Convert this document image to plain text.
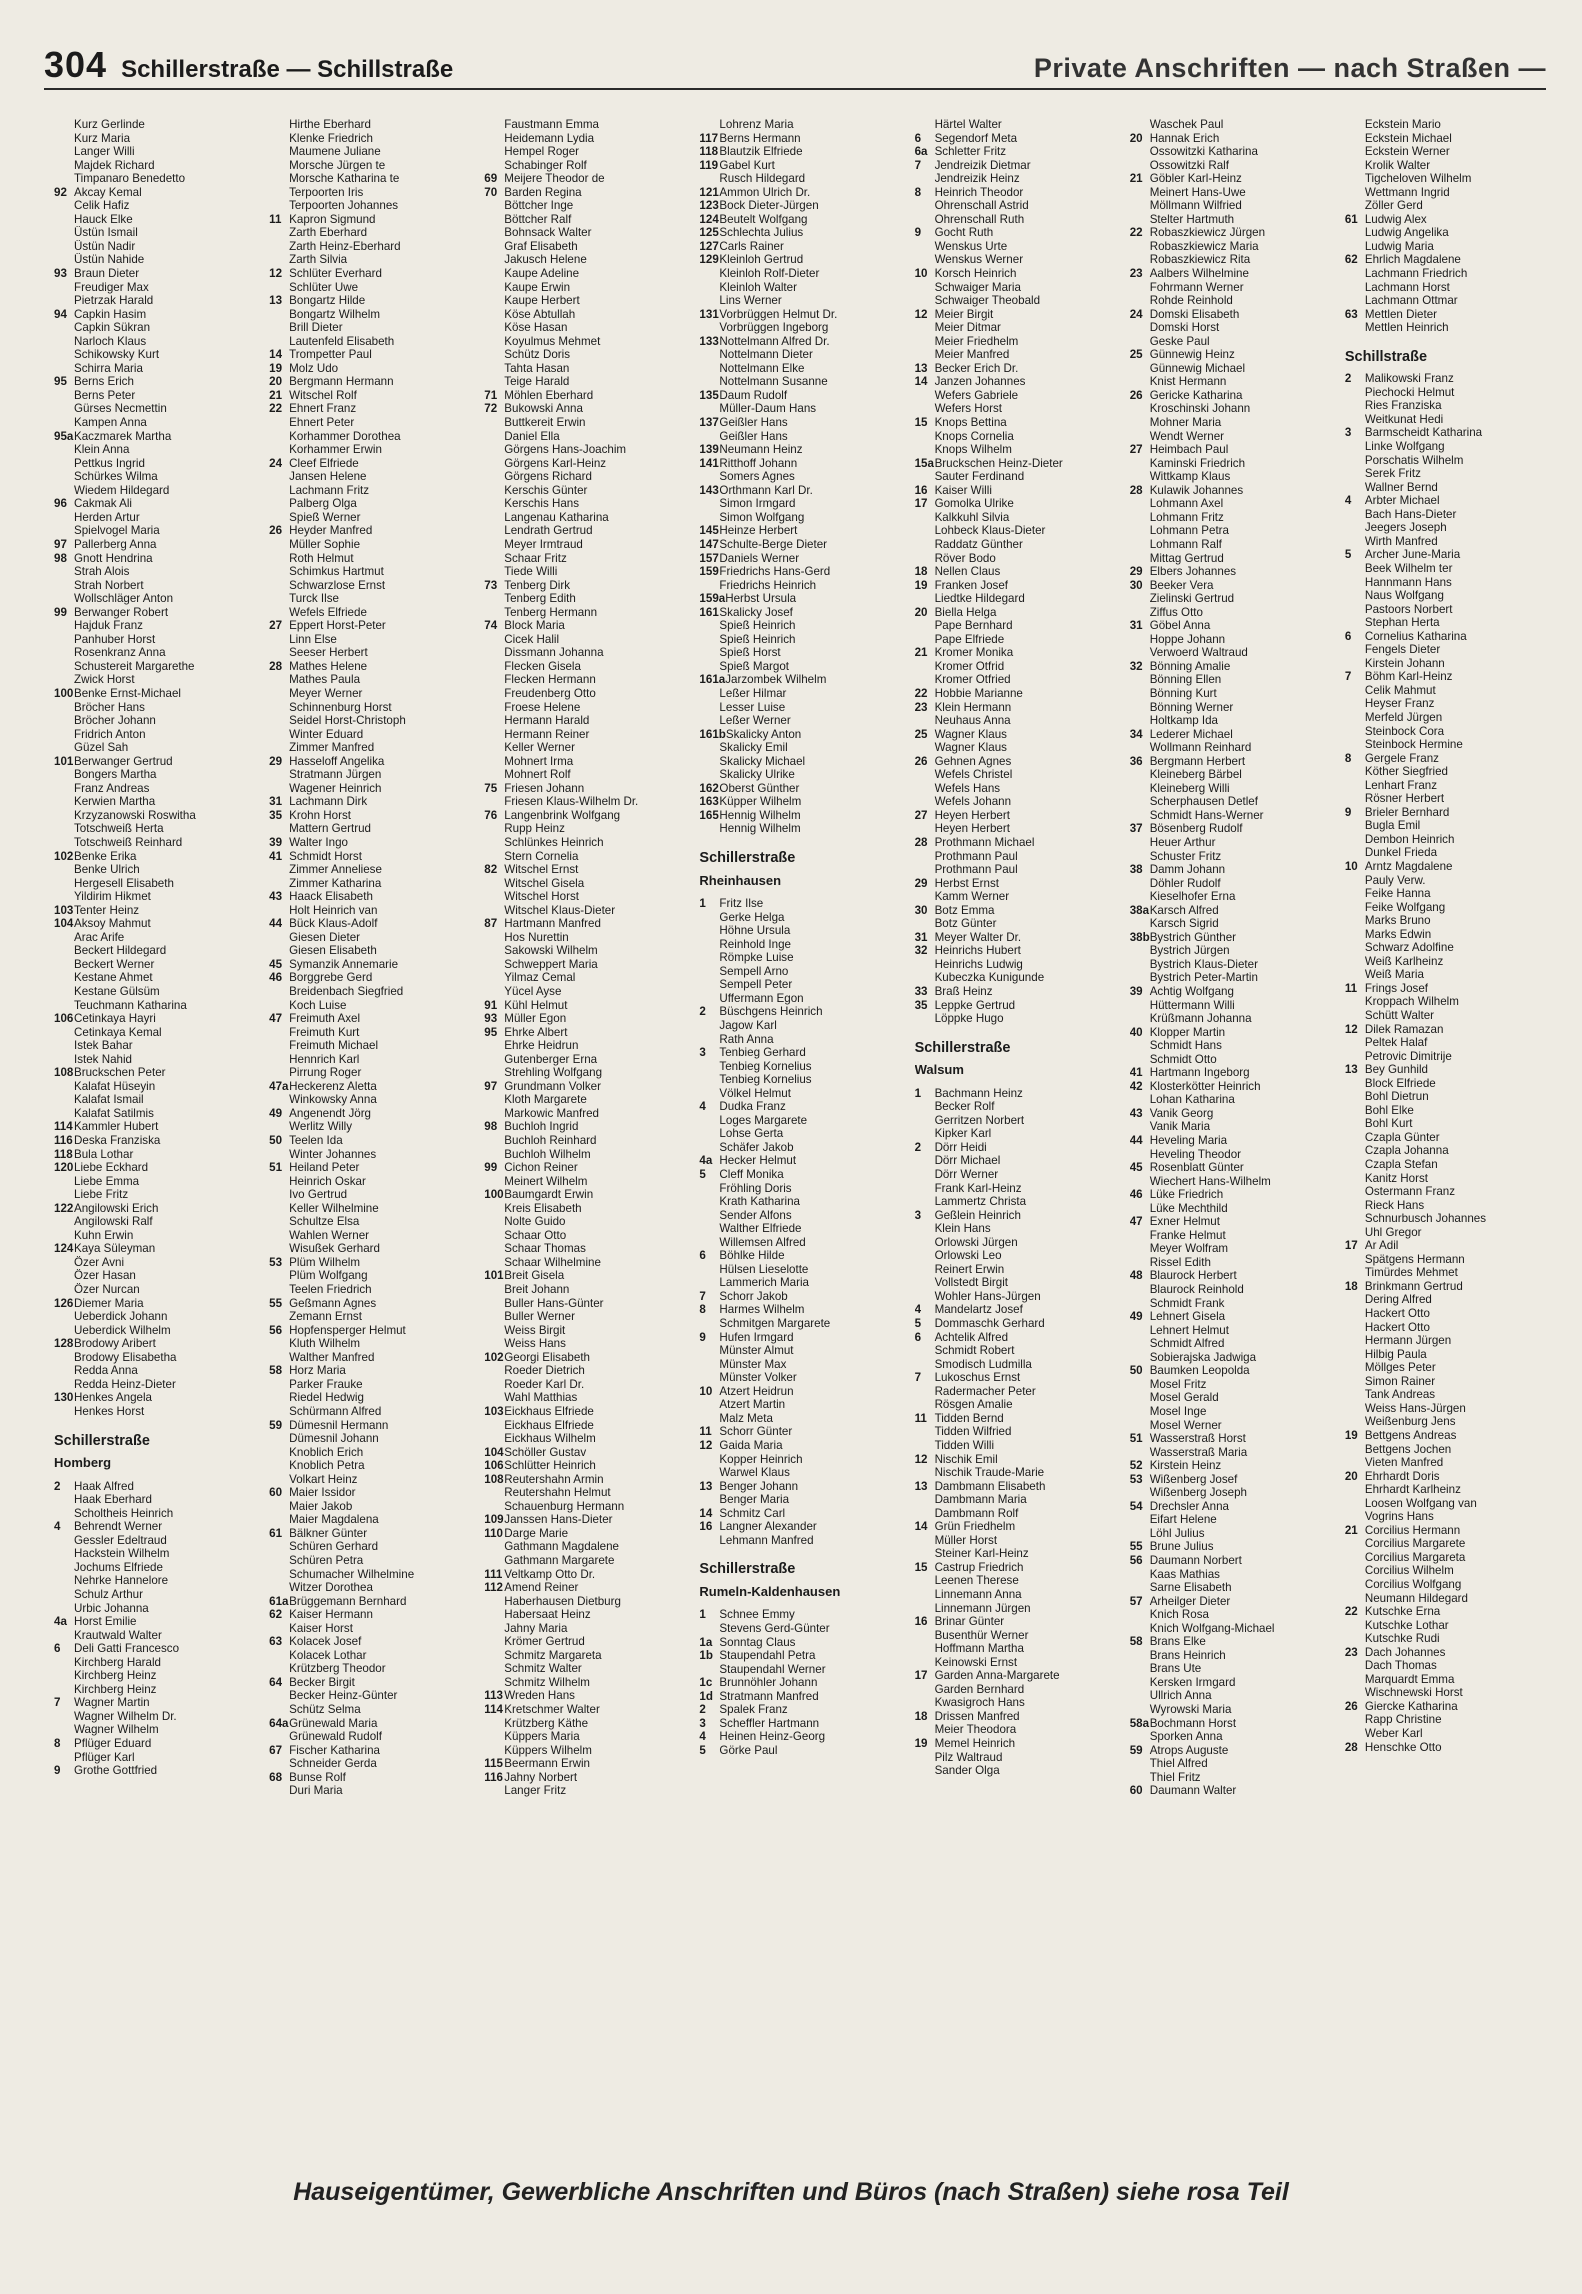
304 Schillerstraße — Schillstraße	Private Anschriften — nach Straßen —
Kurz Gerlinde
Kurz Maria
Langer Willi
Majdek Richard
Timpanaro Benedetto
92 Akcay Kemal
Celik Hafiz
Hauck Elke
Üstün Ismail
Üstün Nadir
Üstün Nahide
93 Braun Dieter
Freudiger Max
Pietrzak Harald
94 Capkin Hasim
Capkin Sükran
Narloch Klaus
Schikowsky Kurt
Schirra Maria
95 Berns Erich
Berns Peter
Gürses Necmettin
Kampen Anna
95aKaczmarek Martha
Klein Anna
Pettkus Ingrid
Schürkes Wilma
Wiedem Hildegard
96 Cakmak Ali
Herden Artur
Spielvogel Maria
97 Pallerberg Anna
98 Gnott Hendrina
Strah Alois
Strah Norbert
Wollschläger Anton
99 Berwanger Robert
Hajduk Franz
Panhuber Horst
Rosenkranz Anna
Schustereit Margarethe
Zwick Horst
100Benke Ernst-Michael
Bröcher Hans
Bröcher Johann
Fridrich Anton
Güzel Sah
101Berwanger Gertrud
Bongers Martha
Franz Andreas
Kerwien Martha
Krzyzanowski Roswitha
Totschweiß Herta
Totschweiß Reinhard
102Benke Erika
Benke Ulrich
Hergesell Elisabeth
Yildirim Hikmet
103Tenter Heinz
104Aksoy Mahmut
Arac Arife
Beckert Hildegard
Beckert Werner
Kestane Ahmet
Kestane Gülsüm
Teuchmann Katharina
106Cetinkaya Hayri
Cetinkaya Kemal
Istek Bahar
Istek Nahid
108Bruckschen Peter
Kalafat Hüseyin
Kalafat Ismail
Kalafat Satilmis
114Kammler Hubert
116Deska Franziska
118Bula Lothar
120Liebe Eckhard
Liebe Emma
Liebe Fritz
122Angilowski Erich
Angilowski Ralf
Kuhn Erwin
124Kaya Süleyman
Özer Avni
Özer Hasan
Özer Nurcan
126Diemer Maria
Ueberdick Johann
Ueberdick Wilhelm
128Brodowy Aribert
Brodowy Elisabetha
Redda Anna
Redda Heinz-Dieter
130Henkes Angela
Henkes Horst
Schillerstraße
Homberg
2 Haak Alfred
Haak Eberhard
Scholtheis Heinrich
4 Behrendt Werner
Gessler Edeltraud
Hackstein Wilhelm
Jochums Elfriede
Nehrke Hannelore
Schulz Arthur
Urbic Johanna
4a Horst Emilie
Krautwald Walter
6 Deli Gatti Francesco
Kirchberg Harald
Kirchberg Heinz
Kirchberg Heinz
7 Wagner Martin
Wagner Wilhelm Dr.
Wagner Wilhelm
8 Pflüger Eduard
Pflüger Karl
9 Grothe Gottfried
Hirthe Eberhard
Klenke Friedrich
Maumene Juliane
Morsche Jürgen te
Morsche Katharina te
Terpoorten Iris
Terpoorten Johannes
11 Kapron Sigmund
Zarth Eberhard
Zarth Heinz-Eberhard
Zarth Silvia
12 Schlüter Everhard
Schlüter Uwe
13 Bongartz Hilde
Bongartz Wilhelm
Brill Dieter
Lautenfeld Elisabeth
14 Trompetter Paul
19 Molz Udo
20 Bergmann Hermann
21 Witschel Rolf
22 Ehnert Franz
Ehnert Peter
Korhammer Dorothea
Korhammer Erwin
24 Cleef Elfriede
Jansen Helene
Lachmann Fritz
Palberg Olga
Spieß Werner
26 Heyder Manfred
Müller Sophie
Roth Helmut
Schimkus Hartmut
Schwarzlose Ernst
Turck Ilse
Wefels Elfriede
27 Eppert Horst-Peter
Linn Else
Seeser Herbert
28 Mathes Helene
Mathes Paula
Meyer Werner
Schinnenburg Horst
Seidel Horst-Christoph
Winter Eduard
Zimmer Manfred
29 Hasseloff Angelika
Stratmann Jürgen
Wagener Heinrich
31 Lachmann Dirk
35 Krohn Horst
Mattern Gertrud
39 Walter Ingo
41 Schmidt Horst
Zimmer Anneliese
Zimmer Katharina
43 Haack Elisabeth
Holt Heinrich van
44 Bück Klaus-Adolf
Giesen Dieter
Giesen Elisabeth
45 Symanzik Annemarie
46 Borggrebe Gerd
Breidenbach Siegfried
Koch Luise
47 Freimuth Axel
Freimuth Kurt
Freimuth Michael
Hennrich Karl
Pirrung Roger
47aHeckerenz Aletta
Winkowsky Anna
49 Angenendt Jörg
Werlitz Willy
50 Teelen Ida
Winter Johannes
51 Heiland Peter
Heinrich Oskar
Ivo Gertrud
Keller Wilhelmine
Schultze Elsa
Wahlen Werner
Wisußek Gerhard
53 Plüm Wilhelm
Plüm Wolfgang
Teelen Friedrich
55 Geßmann Agnes
Zemann Ernst
56 Hopfensperger Helmut
Kluth Wilhelm
Walther Manfred
58 Horz Maria
Parker Frauke
Riedel Hedwig
Schürmann Alfred
59 Dümesnil Hermann
Dümesnil Johann
Knoblich Erich
Knoblich Petra
Volkart Heinz
60 Maier Issidor
Maier Jakob
Maier Magdalena
61 Bälkner Günter
Schüren Gerhard
Schüren Petra
Schumacher Wilhelmine
Witzer Dorothea
61aBrüggemann Bernhard
62 Kaiser Hermann
Kaiser Horst
63 Kolacek Josef
Kolacek Lothar
Krützberg Theodor
64 Becker Birgit
Becker Heinz-Günter
Schütz Selma
64aGrünewald Maria
Grünewald Rudolf
67 Fischer Katharina
Schneider Gerda
68 Bunse Rolf
Duri Maria
Faustmann Emma
Heidemann Lydia
Hempel Roger
Schabinger Rolf
69 Meijere Theodor de
70 Barden Regina
Böttcher Inge
Böttcher Ralf
Bohnsack Walter
Graf Elisabeth
Jakusch Helene
Kaupe Adeline
Kaupe Erwin
Kaupe Herbert
Köse Abtullah
Köse Hasan
Koyulmus Mehmet
Schütz Doris
Tahta Hasan
Teige Harald
71 Möhlen Eberhard
72 Bukowski Anna
Buttkereit Erwin
Daniel Ella
Görgens Hans-Joachim
Görgens Karl-Heinz
Görgens Richard
Kerschis Günter
Kerschis Hans
Langenau Katharina
Lendrath Gertrud
Meyer Irmtraud
Schaar Fritz
Tiede Willi
73 Tenberg Dirk
Tenberg Edith
Tenberg Hermann
74 Block Maria
Cicek Halil
Dissmann Johanna
Flecken Gisela
Flecken Hermann
Freudenberg Otto
Froese Helene
Hermann Harald
Hermann Reiner
Keller Werner
Mohnert Irma
Mohnert Rolf
75 Friesen Johann
Friesen Klaus-Wilhelm Dr.
76 Langenbrink Wolfgang
Rupp Heinz
Schlünkes Heinrich
Stern Cornelia
82 Witschel Ernst
Witschel Gisela
Witschel Horst
Witschel Klaus-Dieter
87 Hartmann Manfred
Hos Nurettin
Sakowski Wilhelm
Schweppert Maria
Yilmaz Cemal
Yücel Ayse
91 Kühl Helmut
93 Müller Egon
95 Ehrke Albert
Ehrke Heidrun
Gutenberger Erna
Strehling Wolfgang
97 Grundmann Volker
Kloth Margarete
Markowic Manfred
98 Buchloh Ingrid
Buchloh Reinhard
Buchloh Wilhelm
99 Cichon Reiner
Meinert Wilhelm
100Baumgardt Erwin
Kreis Elisabeth
Nolte Guido
Schaar Otto
Schaar Thomas
Schaar Wilhelmine
101Breit Gisela
Breit Johann
Buller Hans-Günter
Buller Werner
Weiss Birgit
Weiss Hans
102Georgi Elisabeth
Roeder Dietrich
Roeder Karl Dr.
Wahl Matthias
103Eickhaus Elfriede
Eickhaus Elfriede
Eickhaus Wilhelm
104Schöller Gustav
106Schlütter Heinrich
108Reutershahn Armin
Reutershahn Helmut
Schauenburg Hermann
109Janssen Hans-Dieter
110Darge Marie
Gathmann Magdalene
Gathmann Margarete
111 Veltkamp Otto Dr.
112Amend Reiner
Haberhausen Dietburg
Habersaat Heinz
Jahny Maria
Krömer Gertrud
Schmitz Margareta
Schmitz Walter
Schmitz Wilhelm
113Wreden Hans
114Kretschmer Walter
Krützberg Käthe
Küppers Maria
Küppers Wilhelm
115Beermann Erwin
116Jahny Norbert
Langer Fritz
Lohrenz Maria
117Berns Hermann
118Blautzik Elfriede
119Gabel Kurt
Rusch Hildegard
121Ammon Ulrich Dr.
123Bock Dieter-Jürgen
124Beutelt Wolfgang
125Schlechta Julius
127Carls Rainer
129Kleinloh Gertrud
Kleinloh Rolf-Dieter
Kleinloh Walter
Lins Werner
131Vorbrüggen Helmut Dr.
Vorbrüggen Ingeborg
133Nottelmann Alfred Dr.
Nottelmann Dieter
Nottelmann Elke
Nottelmann Susanne
135Daum Rudolf
Müller-Daum Hans
137Geißler Hans
Geißler Hans
139Neumann Heinz
141Ritthoff Johann
Somers Agnes
143Orthmann Karl Dr.
Simon Irmgard
Simon Wolfgang
145Heinze Herbert
147Schulte-Berge Dieter
157Daniels Werner
159Friedrichs Hans-Gerd
Friedrichs Heinrich
159aHerbst Ursula
161Skalicky Josef
Spieß Heinrich
Spieß Heinrich
Spieß Horst
Spieß Margot
161aJarzombek Wilhelm
Leßer Hilmar
Lesser Luise
Leßer Werner
161bSkalicky Anton
Skalicky Emil
Skalicky Michael
Skalicky Ulrike
162Oberst Günther
163Küpper Wilhelm
165Hennig Wilhelm
Hennig Wilhelm
Schillerstraße
Rheinhausen
1 Fritz Ilse
Gerke Helga
Höhne Ursula
Reinhold Inge
Römpke Luise
Sempell Arno
Sempell Peter
Uffermann Egon
2 Büschgens Heinrich
Jagow Karl
Rath Anna
3 Tenbieg Gerhard
Tenbieg Kornelius
Tenbieg Kornelius
Völkel Helmut
4 Dudka Franz
Loges Margarete
Lohse Gerta
Schäfer Jakob
4a Hecker Helmut
5 Cleff Monika
Fröhling Doris
Krath Katharina
Sender Alfons
Walther Elfriede
Willemsen Alfred
6 Böhlke Hilde
Hülsen Lieselotte
Lammerich Maria
7 Schorr Jakob
8 Harmes Wilhelm
Schmitgen Margarete
9 Hufen Irmgard
Münster Almut
Münster Max
Münster Volker
10 Atzert Heidrun
Atzert Martin
Malz Meta
11 Schorr Günter
12 Gaida Maria
Kopper Heinrich
Warwel Klaus
13 Benger Johann
Benger Maria
14 Schmitz Carl
16 Langner Alexander
Lehmann Manfred
Schillerstraße
Rumeln-Kaldenhausen
1 Schnee Emmy
Stevens Gerd-Günter
1a Sonntag Claus
1b Staupendahl Petra
Staupendahl Werner
1c Brunnöhler Johann
1d Stratmann Manfred
2 Spalek Franz
3 Scheffler Hartmann
4 Heinen Heinz-Georg
5 Görke Paul
Härtel Walter
6 Segendorf Meta
6a Schletter Fritz
7 Jendreizik Dietmar
Jendreizik Heinz
8 Heinrich Theodor
Ohrenschall Astrid
Ohrenschall Ruth
9 Gocht Ruth
Wenskus Urte
Wenskus Werner
10 Korsch Heinrich
Schwaiger Maria
Schwaiger Theobald
12 Meier Birgit
Meier Ditmar
Meier Friedhelm
Meier Manfred
13 Becker Erich Dr.
14 Janzen Johannes
Wefers Gabriele
Wefers Horst
15 Knops Bettina
Knops Cornelia
Knops Wilhelm
15aBruckschen Heinz-Dieter
Sauter Ferdinand
16 Kaiser Willi
17 Gomolka Ulrike
Kalkkuhl Silvia
Lohbeck Klaus-Dieter
Raddatz Günther
Röver Bodo
18 Nellen Claus
19 Franken Josef
Liedtke Hildegard
20 Biella Helga
Pape Bernhard
Pape Elfriede
21 Kromer Monika
Kromer Otfrid
Kromer Otfried
22 Hobbie Marianne
23 Klein Hermann
Neuhaus Anna
25 Wagner Klaus
Wagner Klaus
26 Gehnen Agnes
Wefels Christel
Wefels Hans
Wefels Johann
27 Heyen Herbert
Heyen Herbert
28 Prothmann Michael
Prothmann Paul
Prothmann Paul
29 Herbst Ernst
Kamm Werner
30 Botz Emma
Botz Günter
31 Meyer Walter Dr.
32 Heinrichs Hubert
Heinrichs Ludwig
Kubeczka Kunigunde
33 Braß Heinz
35 Leppke Gertrud
Löppke Hugo
Schillerstraße
Walsum
1 Bachmann Heinz
Becker Rolf
Gerritzen Norbert
Kipker Karl
2 Dörr Heidi
Dörr Michael
Dörr Werner
Frank Karl-Heinz
Lammertz Christa
3 Geßlein Heinrich
Klein Hans
Orlowski Jürgen
Orlowski Leo
Reinert Erwin
Vollstedt Birgit
Wohler Hans-Jürgen
4 Mandelartz Josef
5 Dommaschk Gerhard
6 Achtelik Alfred
Schmidt Robert
Smodisch Ludmilla
7 Lukoschus Ernst
Radermacher Peter
Rösgen Amalie
11 Tidden Bernd
Tidden Wilfried
Tidden Willi
12 Nischik Emil
Nischik Traude-Marie
13 Dambmann Elisabeth
Dambmann Maria
Dambmann Rolf
14 Grün Friedhelm
Müller Horst
Steiner Karl-Heinz
15 Castrup Friedrich
Leenen Therese
Linnemann Anna
Linnemann Jürgen
16 Brinar Günter
Busenthür Werner
Hoffmann Martha
Keinowski Ernst
17 Garden Anna-Margarete
Garden Bernhard
Kwasigroch Hans
18 Drissen Manfred
Meier Theodora
19 Memel Heinrich
Pilz Waltraud
Sander Olga
Waschek Paul
20 Hannak Erich
Ossowitzki Katharina
Ossowitzki Ralf
21 Göbler Karl-Heinz
Meinert Hans-Uwe
Möllmann Wilfried
Stelter Hartmuth
22 Robaszkiewicz Jürgen
Robaszkiewicz Maria
Robaszkiewicz Rita
23 Aalbers Wilhelmine
Fohrmann Werner
Rohde Reinhold
24 Domski Elisabeth
Domski Horst
Geske Paul
25 Günnewig Heinz
Günnewig Michael
Knist Hermann
26 Gericke Katharina
Kroschinski Johann
Mohner Maria
Wendt Werner
27 Heimbach Paul
Kaminski Friedrich
Wittkamp Klaus
28 Kulawik Johannes
Lohmann Axel
Lohmann Fritz
Lohmann Petra
Lohmann Ralf
Mittag Gertrud
29 Elbers Johannes
30 Beeker Vera
Zielinski Gertrud
Ziffus Otto
31 Göbel Anna
Hoppe Johann
Verwoerd Waltraud
32 Bönning Amalie
Bönning Ellen
Bönning Kurt
Bönning Werner
Holtkamp Ida
34 Lederer Michael
Wollmann Reinhard
36 Bergmann Herbert
Kleineberg Bärbel
Kleineberg Willi
Scherphausen Detlef
Schmidt Hans-Werner
37 Bösenberg Rudolf
Heuer Arthur
Schuster Fritz
38 Damm Johann
Döhler Rudolf
Kieselhofer Erna
38aKarsch Alfred
Karsch Sigrid
38bBystrich Günther
Bystrich Jürgen
Bystrich Klaus-Dieter
Bystrich Peter-Martin
39 Achtig Wolfgang
Hüttermann Willi
Krüßmann Johanna
40 Klopper Martin
Schmidt Hans
Schmidt Otto
41 Hartmann Ingeborg
42 Klosterkötter Heinrich
Lohan Katharina
43 Vanik Georg
Vanik Maria
44 Heveling Maria
Heveling Theodor
45 Rosenblatt Günter
Wiechert Hans-Wilhelm
46 Lüke Friedrich
Lüke Mechthild
47 Exner Helmut
Franke Helmut
Meyer Wolfram
Rissel Edith
48 Blaurock Herbert
Blaurock Reinhold
Schmidt Frank
49 Lehnert Gisela
Lehnert Helmut
Schmidt Alfred
Sobierajska Jadwiga
50 Baumken Leopolda
Mosel Fritz
Mosel Gerald
Mosel Inge
Mosel Werner
51 Wasserstraß Horst
Wasserstraß Maria
52 Kirstein Heinz
53 Wißenberg Josef
Wißenberg Joseph
54 Drechsler Anna
Eifart Helene
Löhl Julius
55 Brune Julius
56 Daumann Norbert
Kaas Mathias
Sarne Elisabeth
57 Arheilger Dieter
Knich Rosa
Knich Wolfgang-Michael
58 Brans Elke
Brans Heinrich
Brans Ute
Kersken Irmgard
Ullrich Anna
Wyrowski Maria
58aBochmann Horst
Sporken Anna
59 Atrops Auguste
Thiel Alfred
Thiel Fritz
60 Daumann Walter
Eckstein Mario
Eckstein Michael
Eckstein Werner
Krolik Walter
Tigcheloven Wilhelm
Wettmann Ingrid
Zöller Gerd
61 Ludwig Alex
Ludwig Angelika
Ludwig Maria
62 Ehrlich Magdalene
Lachmann Friedrich
Lachmann Horst
Lachmann Ottmar
63 Mettlen Dieter
Mettlen Heinrich
Schillstraße
2 Malikowski Franz
Piechocki Helmut
Ries Franziska
Weitkunat Hedi
3 Barmscheidt Katharina
Linke Wolfgang
Porschatis Wilhelm
Serek Fritz
Wallner Bernd
4 Arbter Michael
Bach Hans-Dieter
Jeegers Joseph
Wirth Manfred
5 Archer June-Maria
Beek Wilhelm ter
Hannmann Hans
Naus Wolfgang
Pastoors Norbert
Stephan Herta
6 Cornelius Katharina
Fengels Dieter
Kirstein Johann
7 Böhm Karl-Heinz
Celik Mahmut
Heyser Franz
Merfeld Jürgen
Steinbock Cora
Steinbock Hermine
8 Gergele Franz
Köther Siegfried
Lenhart Franz
Rösner Herbert
9 Brieler Bernhard
Bugla Emil
Dembon Heinrich
Dunkel Frieda
10 Arntz Magdalene
Pauly Verw.
Feike Hanna
Feike Wolfgang
Marks Bruno
Marks Edwin
Schwarz Adolfine
Weiß Karlheinz
Weiß Maria
11 Frings Josef
Kroppach Wilhelm
Schütt Walter
12 Dilek Ramazan
Peltek Halaf
Petrovic Dimitrije
13 Bey Gunhild
Block Elfriede
Bohl Dietrun
Bohl Elke
Bohl Kurt
Czapla Günter
Czapla Johanna
Czapla Stefan
Kanitz Horst
Ostermann Franz
Rieck Hans
Schnurbusch Johannes
Uhl Gregor
17 Ar Adil
Spätgens Hermann
Timürdes Mehmet
18 Brinkmann Gertrud
Dering Alfred
Hackert Otto
Hackert Otto
Hermann Jürgen
Hilbig Paula
Möllges Peter
Simon Rainer
Tank Andreas
Weiss Hans-Jürgen
Weißenburg Jens
19 Bettgens Andreas
Bettgens Jochen
Vieten Manfred
20 Ehrhardt Doris
Ehrhardt Karlheinz
Loosen Wolfgang van
Vogrins Hans
21 Corcilius Hermann
Corcilius Margarete
Corcilius Margareta
Corcilius Wilhelm
Corcilius Wolfgang
Neumann Hildegard
22 Kutschke Erna
Kutschke Lothar
Kutschke Rudi
23 Dach Johannes
Dach Thomas
Marquardt Emma
Wischnewski Horst
26 Giercke Katharina
Rapp Christine
Weber Karl
28 Henschke Otto
Hauseigentümer, Gewerbliche Anschriften und Büros (nach Straßen) siehe rosa Teil
